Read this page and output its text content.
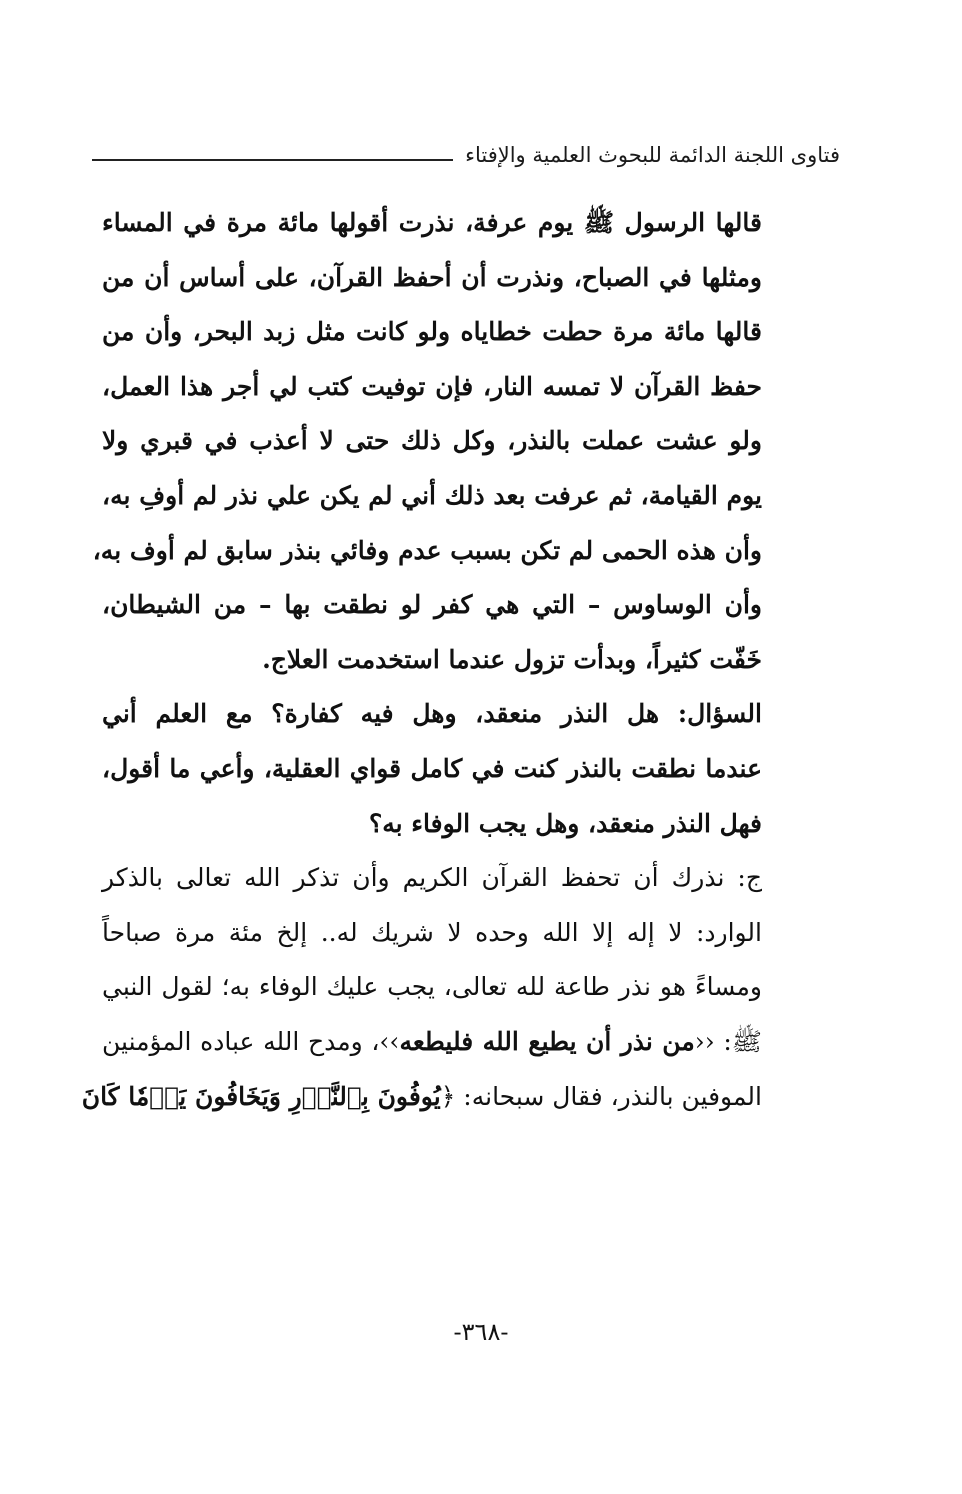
فتاوى اللجنة الدائمة للبحوث العلمية والإفتاء
قالها الرسول ﷺ يوم عرفة، نذرت أقولها مائة مرة في المساء
ومثلها في الصباح، ونذرت أن أحفظ القرآن، على أساس أن من
قالها مائة مرة حطت خطاياه ولو كانت مثل زبد البحر، وأن من
حفظ القرآن لا تمسه النار، فإن توفيت كتب لي أجر هذا العمل،
ولو عشت عملت بالنذر، وكل ذلك حتى لا أعذب في قبري ولا
يوم القيامة، ثم عرفت بعد ذلك أني لم يكن علي نذر لم أوفِ به،
وأن هذه الحمى لم تكن بسبب عدم وفائي بنذر سابق لم أوف به،
وأن الوساوس – التي هي كفر لو نطقت بها – من الشيطان،
خَفّت كثيراً، وبدأت تزول عندما استخدمت العلاج.
السؤال: هل النذر منعقد، وهل فيه كفارة؟ مع العلم أني
عندما نطقت بالنذر كنت في كامل قواي العقلية، وأعي ما أقول،
فهل النذر منعقد، وهل يجب الوفاء به؟
ج: نذرك أن تحفظ القرآن الكريم وأن تذكر الله تعالى بالذكر
الوارد: لا إله إلا الله وحده لا شريك له.. إلخ مئة مرة صباحاً
ومساءً هو نذر طاعة لله تعالى، يجب عليك الوفاء به؛ لقول النبي
ﷺ: ‹‹من نذر أن يطيع الله فليطعه››، ومدح الله عباده المؤمنين
الموفين بالنذر، فقال سبحانه: ﴿يُوفُونَ بِٱلنَّذۡرِ وَيَخَافُونَ يَوۡمٗا كَانَ
-٣٦٨-
